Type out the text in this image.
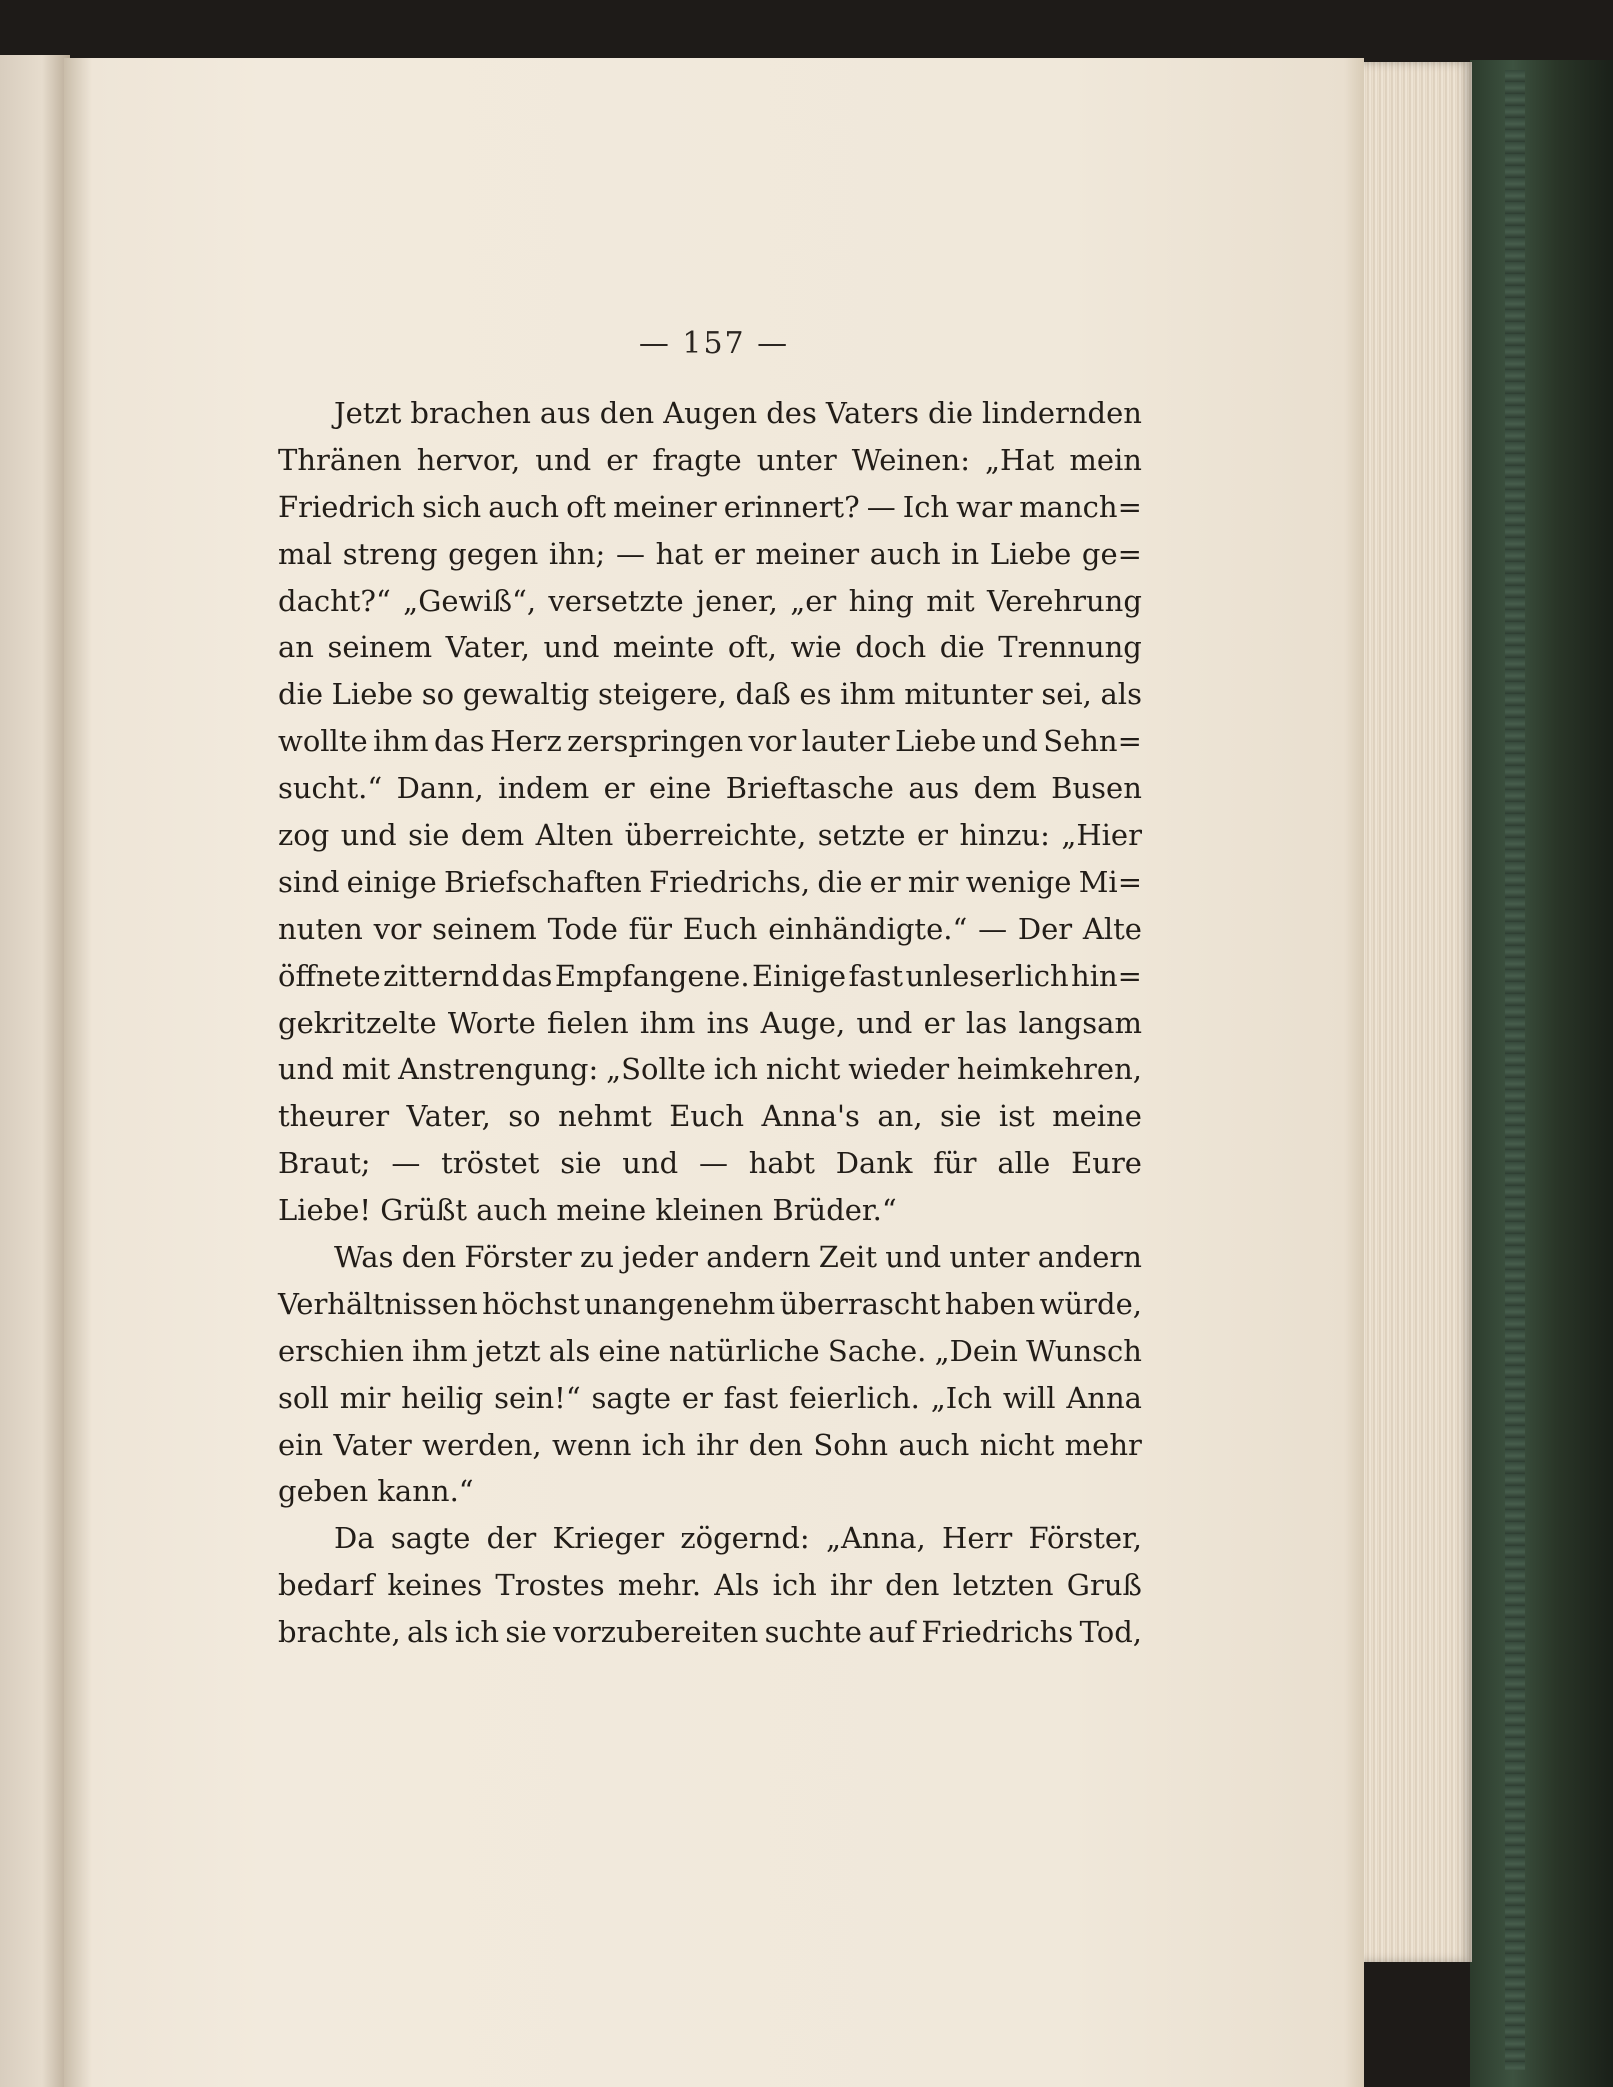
— 157 —
Jetzt brachen aus den Augen des Vaters die lindernden
Thränen hervor, und er fragte unter Weinen: „Hat mein
Friedrich sich auch oft meiner erinnert? — Ich war manch=
mal streng gegen ihn; — hat er meiner auch in Liebe ge=
dacht?“ „Gewiß“, versetzte jener, „er hing mit Verehrung
an seinem Vater, und meinte oft, wie doch die Trennung
die Liebe so gewaltig steigere, daß es ihm mitunter sei, als
wollte ihm das Herz zerspringen vor lauter Liebe und Sehn=
sucht.“ Dann, indem er eine Brieftasche aus dem Busen
zog und sie dem Alten überreichte, setzte er hinzu: „Hier
sind einige Briefschaften Friedrichs, die er mir wenige Mi=
nuten vor seinem Tode für Euch einhändigte.“ — Der Alte
öffnete zitternd das Empfangene. Einige fast unleserlich hin=
gekritzelte Worte fielen ihm ins Auge, und er las langsam
und mit Anstrengung: „Sollte ich nicht wieder heimkehren,
theurer Vater, so nehmt Euch Anna's an, sie ist meine
Braut; — tröstet sie und — habt Dank für alle Eure
Liebe! Grüßt auch meine kleinen Brüder.“
Was den Förster zu jeder andern Zeit und unter andern
Verhältnissen höchst unangenehm überrascht haben würde,
erschien ihm jetzt als eine natürliche Sache. „Dein Wunsch
soll mir heilig sein!“ sagte er fast feierlich. „Ich will Anna
ein Vater werden, wenn ich ihr den Sohn auch nicht mehr
geben kann.“
Da sagte der Krieger zögernd: „Anna, Herr Förster,
bedarf keines Trostes mehr. Als ich ihr den letzten Gruß
brachte, als ich sie vorzubereiten suchte auf Friedrichs Tod,
